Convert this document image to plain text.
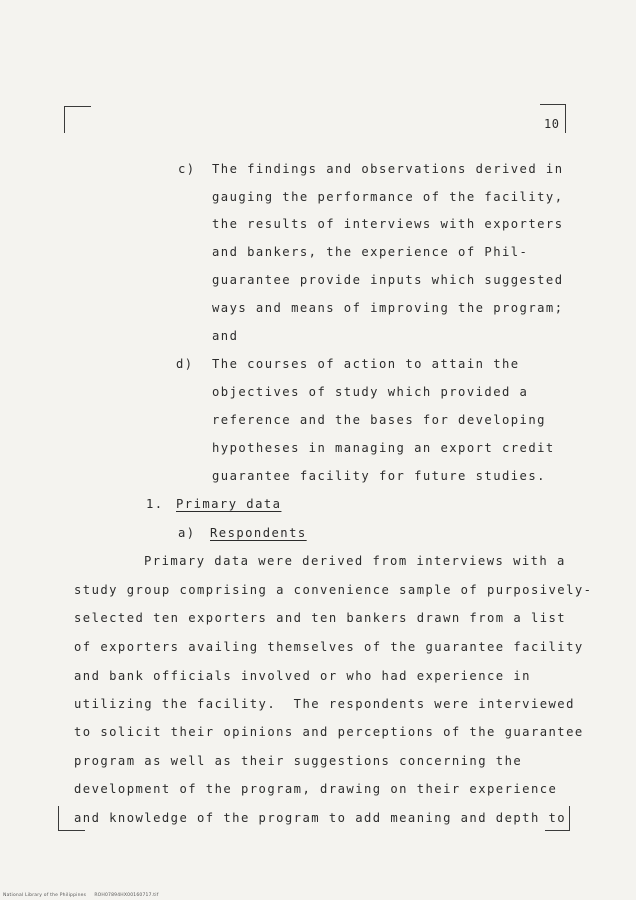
10
c) The findings and observations derived in
gauging the performance of the facility,
the results of interviews with exporters
and bankers, the experience of Phil-
guarantee provide inputs which suggested
ways and means of improving the program;
and
d) The courses of action to attain the
objectives of study which provided a
reference and the bases for developing
hypotheses in managing an export credit
guarantee facility for future studies.
1. Primary data
a) Respondents
Primary data were derived from interviews with a
study group comprising a convenience sample of purposively-
selected ten exporters and ten bankers drawn from a list
of exporters availing themselves of the guarantee facility
and bank officials involved or who had experience in
utilizing the facility.  The respondents were interviewed
to solicit their opinions and perceptions of the guarantee
program as well as their suggestions concerning the
development of the program, drawing on their experience
and knowledge of the program to add meaning and depth to
National Library of the Philippines     ROH07894HX00160717.tif
